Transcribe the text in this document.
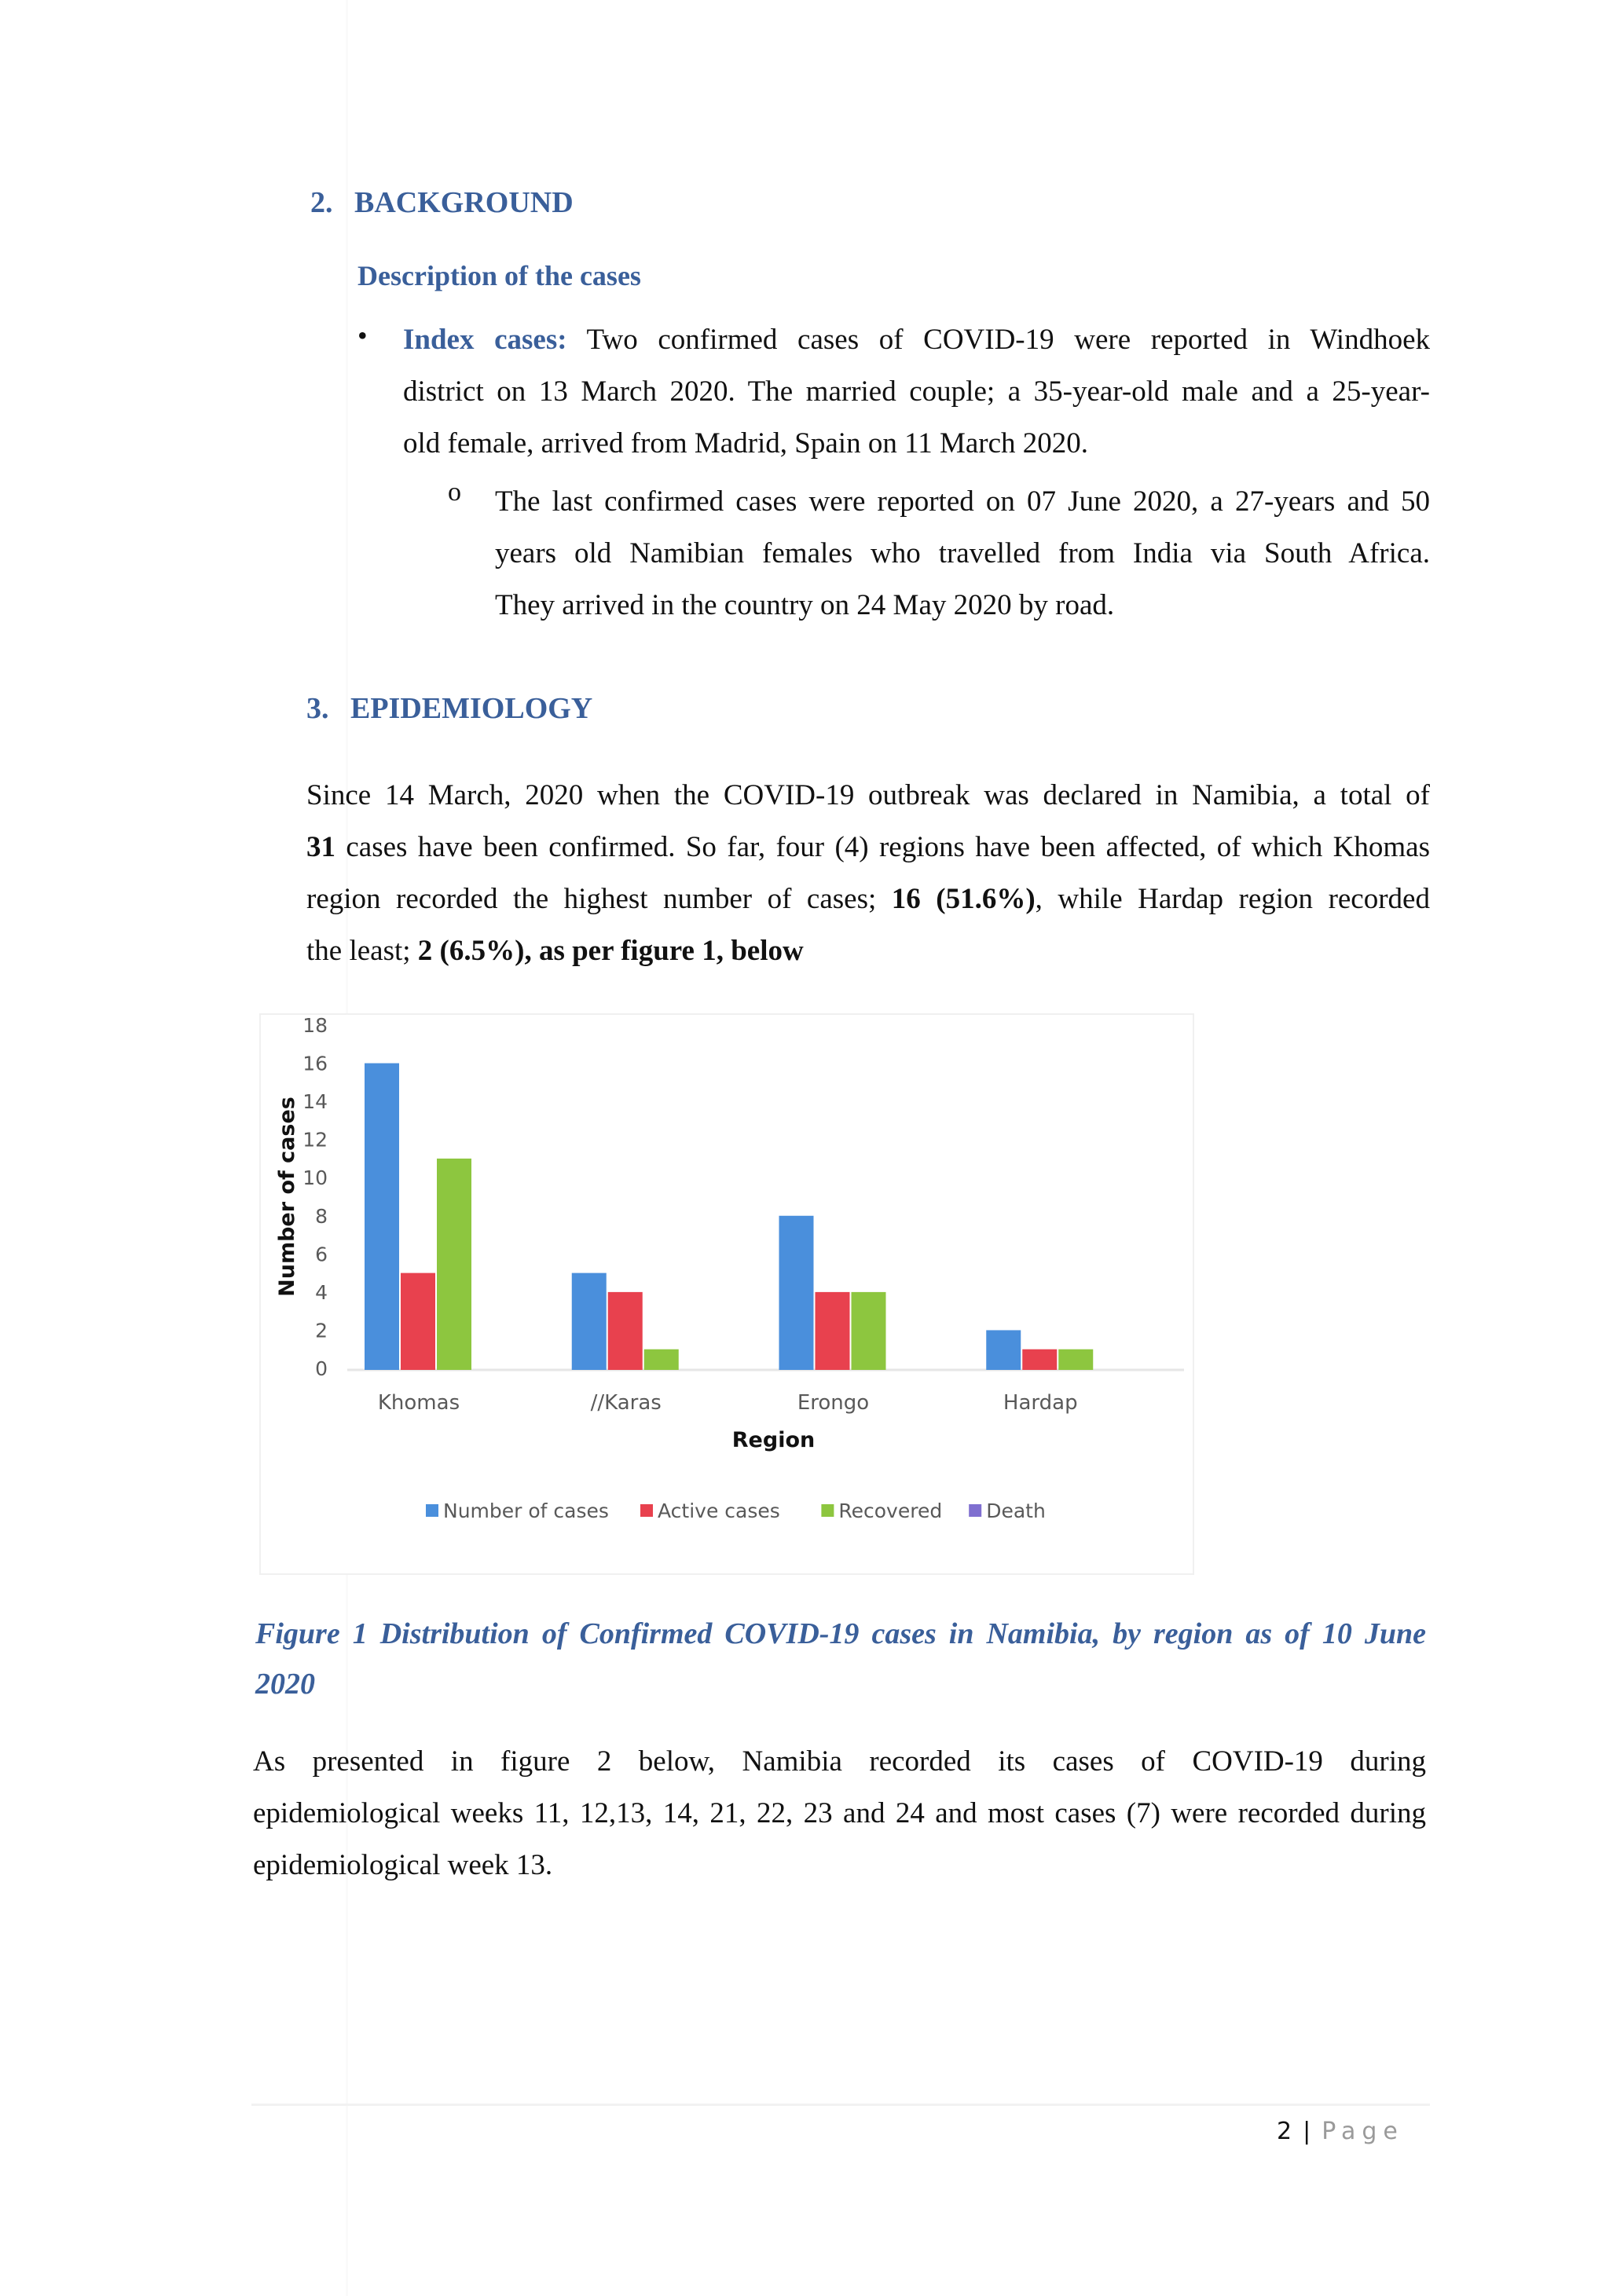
2. BACKGROUND
Description of the cases
• Index cases: Two confirmed cases of COVID-19 were reported in Windhoek
district on 13 March 2020. The married couple; a 35-year-old male and a 25-year-
old female, arrived from Madrid, Spain on 11 March 2020.
o The last confirmed cases were reported on 07 June 2020, a 27-years and 50
years old Namibian females who travelled from India via South Africa.
They arrived in the country on 24 May 2020 by road.
3. EPIDEMIOLOGY
Since 14 March, 2020 when the COVID-19 outbreak was declared in Namibia, a total of
31 cases have been confirmed. So far, four (4) regions have been affected, of which Khomas
region recorded the highest number of cases; 16 (51.6%), while Hardap region recorded
the least; 2 (6.5%), as per figure 1, below
Number of cases
0
2
4
6
8
10
12
14
16
18
Khomas	//Karas	Erongo	Hardap
Region
Number of cases Active cases	Recovered Death
Figure 1 Distribution of Confirmed COVID-19 cases in Namibia, by region as of 10 June
2020
As presented in figure 2 below, Namibia recorded its cases of COVID-19 during
epidemiological weeks 11, 12,13, 14, 21, 22, 23 and 24 and most cases (7) were recorded during
epidemiological week 13.
2 | Page
